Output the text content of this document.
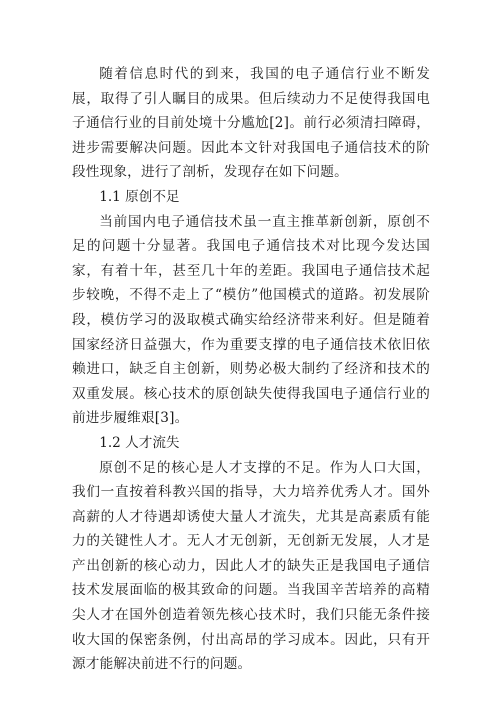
随着信息时代的到来，我国的电子通信行业不断发展，取得了引人瞩目的成果。但后续动力不足使得我国电子通信行业的目前处境十分尴尬[2]。前行必须清扫障碍，进步需要解决问题。因此本文针对我国电子通信技术的阶段性现象，进行了剖析，发现存在如下问题。

1.1 原创不足

当前国内电子通信技术虽一直主推革新创新，原创不足的问题十分显著。我国电子通信技术对比现今发达国家，有着十年，甚至几十年的差距。我国电子通信技术起步较晚，不得不走上了“模仿”他国模式的道路。初发展阶段，模仿学习的汲取模式确实给经济带来利好。但是随着国家经济日益强大，作为重要支撑的电子通信技术依旧依赖进口，缺乏自主创新，则势必极大制约了经济和技术的双重发展。核心技术的原创缺失使得我国电子通信行业的前进步履维艰[3]。

1.2 人才流失

原创不足的核心是人才支撑的不足。作为人口大国，我们一直按着科教兴国的指导，大力培养优秀人才。国外高薪的人才待遇却诱使大量人才流失，尤其是高素质有能力的关键性人才。无人才无创新，无创新无发展，人才是产出创新的核心动力，因此人才的缺失正是我国电子通信技术发展面临的极其致命的问题。当我国辛苦培养的高精尖人才在国外创造着领先核心技术时，我们只能无条件接收大国的保密条例，付出高昂的学习成本。因此，只有开源才能解决前进不行的问题。
